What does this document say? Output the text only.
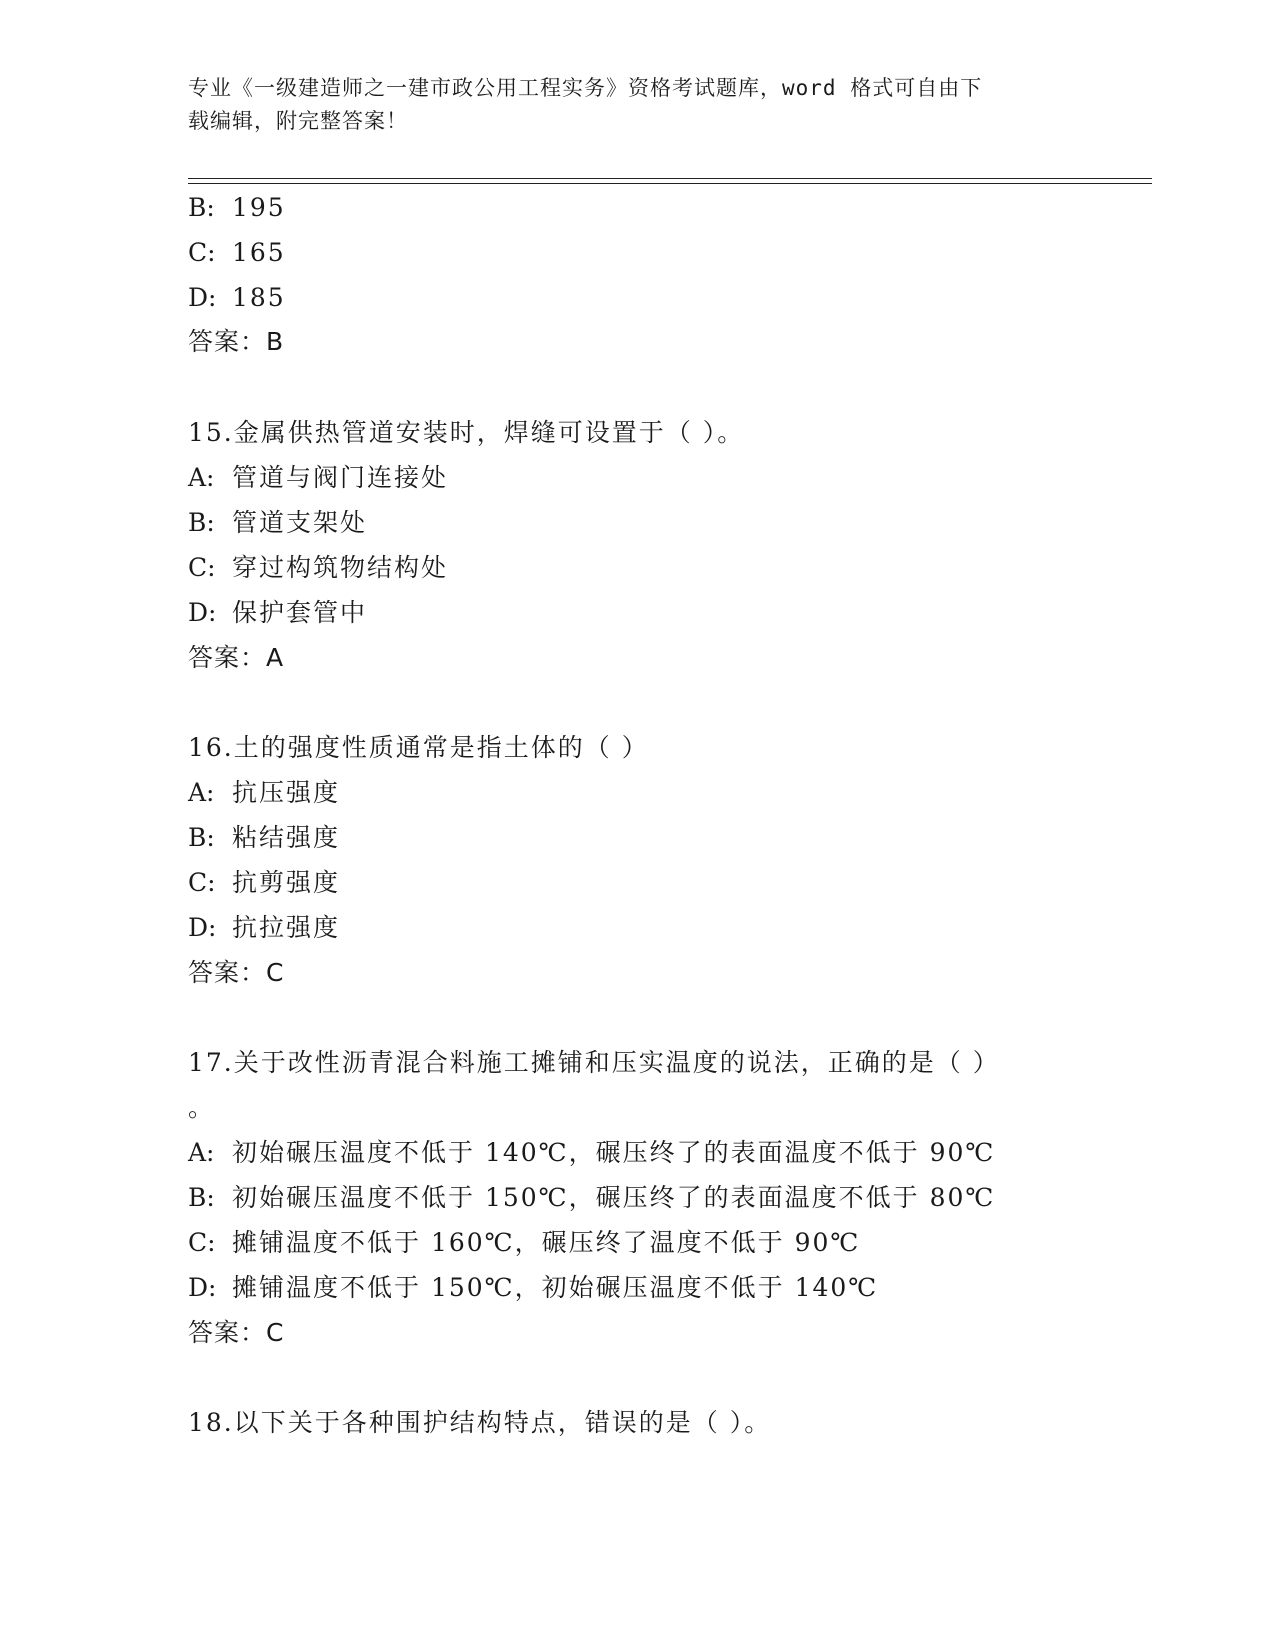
专业《一级建造师之一建市政公用工程实务》资格考试题库，word 格式可自由下
载编辑，附完整答案！
B: 195
C: 165
D: 185
答案：B
15.金属供热管道安装时，焊缝可设置于（ ）。
A: 管道与阀门连接处
B: 管道支架处
C: 穿过构筑物结构处
D: 保护套管中
答案：A
16.土的强度性质通常是指土体的（ ）
A: 抗压强度
B: 粘结强度
C: 抗剪强度
D: 抗拉强度
答案：C
17.关于改性沥青混合料施工摊铺和压实温度的说法，正确的是（ ）
。
A: 初始碾压温度不低于 140℃，碾压终了的表面温度不低于 90℃
B: 初始碾压温度不低于 150℃，碾压终了的表面温度不低于 80℃
C: 摊铺温度不低于 160℃，碾压终了温度不低于 90℃
D: 摊铺温度不低于 150℃，初始碾压温度不低于 140℃
答案：C
18.以下关于各种围护结构特点，错误的是（ ）。
